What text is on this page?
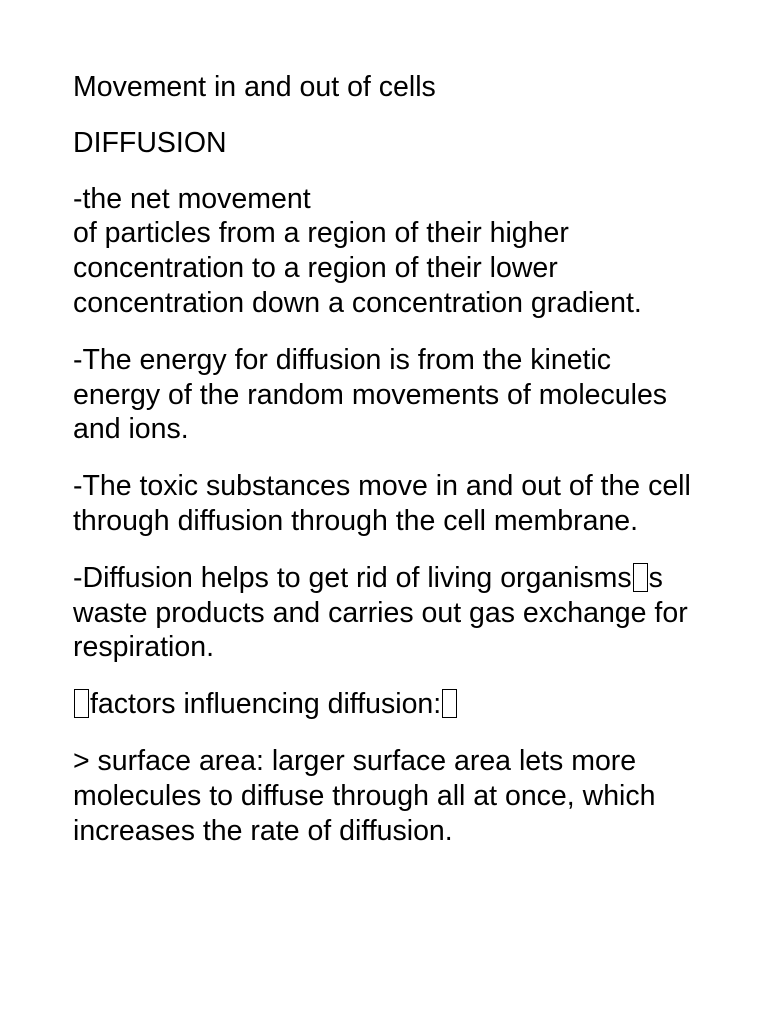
Movement in and out of cells

DIFFUSION

-the net movement
of particles from a region of their higher concentration to a region of their lower concentration down a concentration gradient.

-The energy for diffusion is from the kinetic energy of the random movements of molecules and ions.

-The toxic substances move in and out of the cell through diffusion through the cell membrane.

-Diffusion helps to get rid of living organisms s waste products and carries out gas exchange for respiration.

factors influencing diffusion:

> surface area: larger surface area lets more molecules to diffuse through all at once, which increases the rate of diffusion.
